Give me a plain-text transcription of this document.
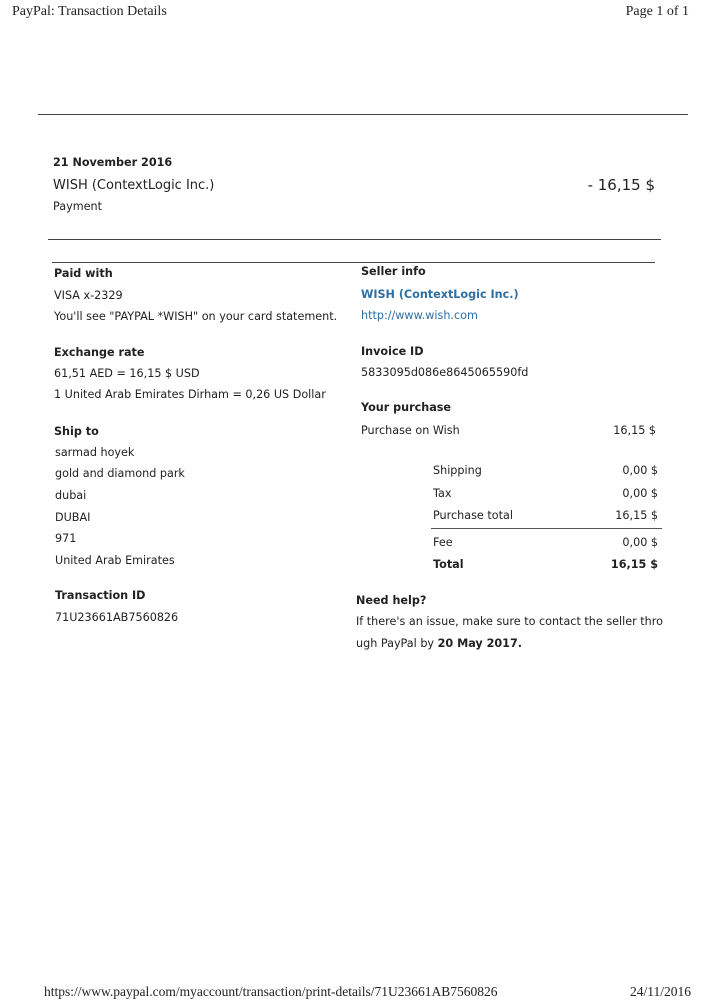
PayPal: Transaction Details	Page 1 of 1
21 November 2016
WISH (ContextLogic Inc.)
Payment
- 16,15 $
Paid with
VISA x-2329
You'll see "PAYPAL *WISH" on your card statement.
Exchange rate
61,51 AED = 16,15 $ USD
1 United Arab Emirates Dirham = 0,26 US Dollar
Ship to
sarmad hoyek
gold and diamond park
dubai
DUBAI
971
United Arab Emirates
Transaction ID
71U23661AB7560826
Seller info
WISH (ContextLogic Inc.)
http://www.wish.com
Invoice ID
5833095d086e8645065590fd
Your purchase
Purchase on Wish	16,15 $
Shipping	0,00 $
Tax	0,00 $
Purchase total	16,15 $
Fee	0,00 $
Total	16,15 $
Need help?
If there's an issue, make sure to contact the seller thro
ugh PayPal by 20 May 2017.
https://www.paypal.com/myaccount/transaction/print-details/71U23661AB7560826	24/11/2016
